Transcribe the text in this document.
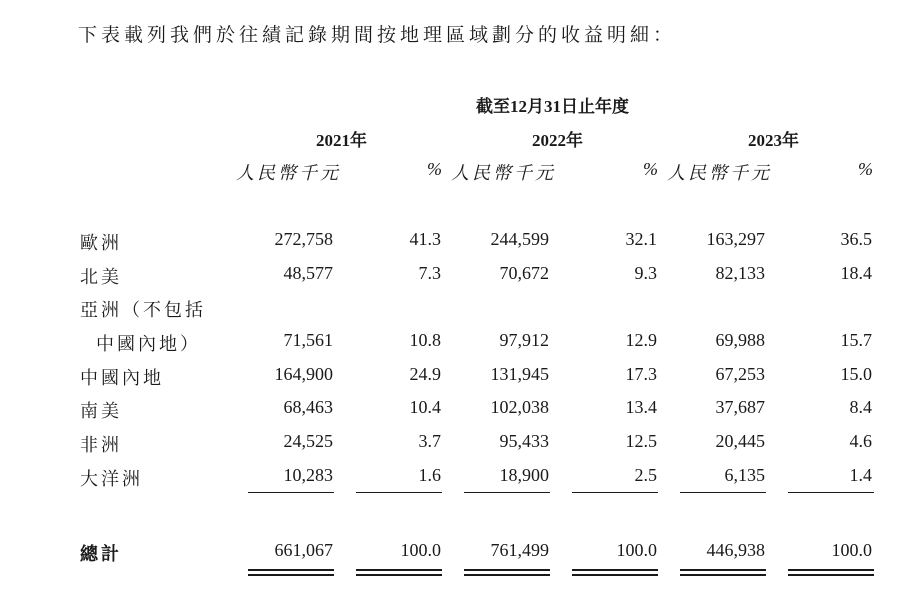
下表載列我們於往績記錄期間按地理區域劃分的收益明細：
截至12月31日止年度
2021年	2022年	2023年
人民幣千元	% 人民幣千元	% 人民幣千元	%
歐洲	272,758	41.3	244,599	32.1	163,297	36.5
北美	48,577	7.3	70,672	9.3	82,133	18.4
亞洲（不包括
中國內地）	71,561	10.8	97,912	12.9	69,988	15.7
中國內地	164,900	24.9	131,945	17.3	67,253	15.0
南美	68,463	10.4	102,038	13.4	37,687	8.4
非洲	24,525	3.7	95,433	12.5	20,445	4.6
大洋洲	10,283	1.6	18,900	2.5	6,135	1.4
總計	661,067	100.0	761,499	100.0	446,938	100.0
